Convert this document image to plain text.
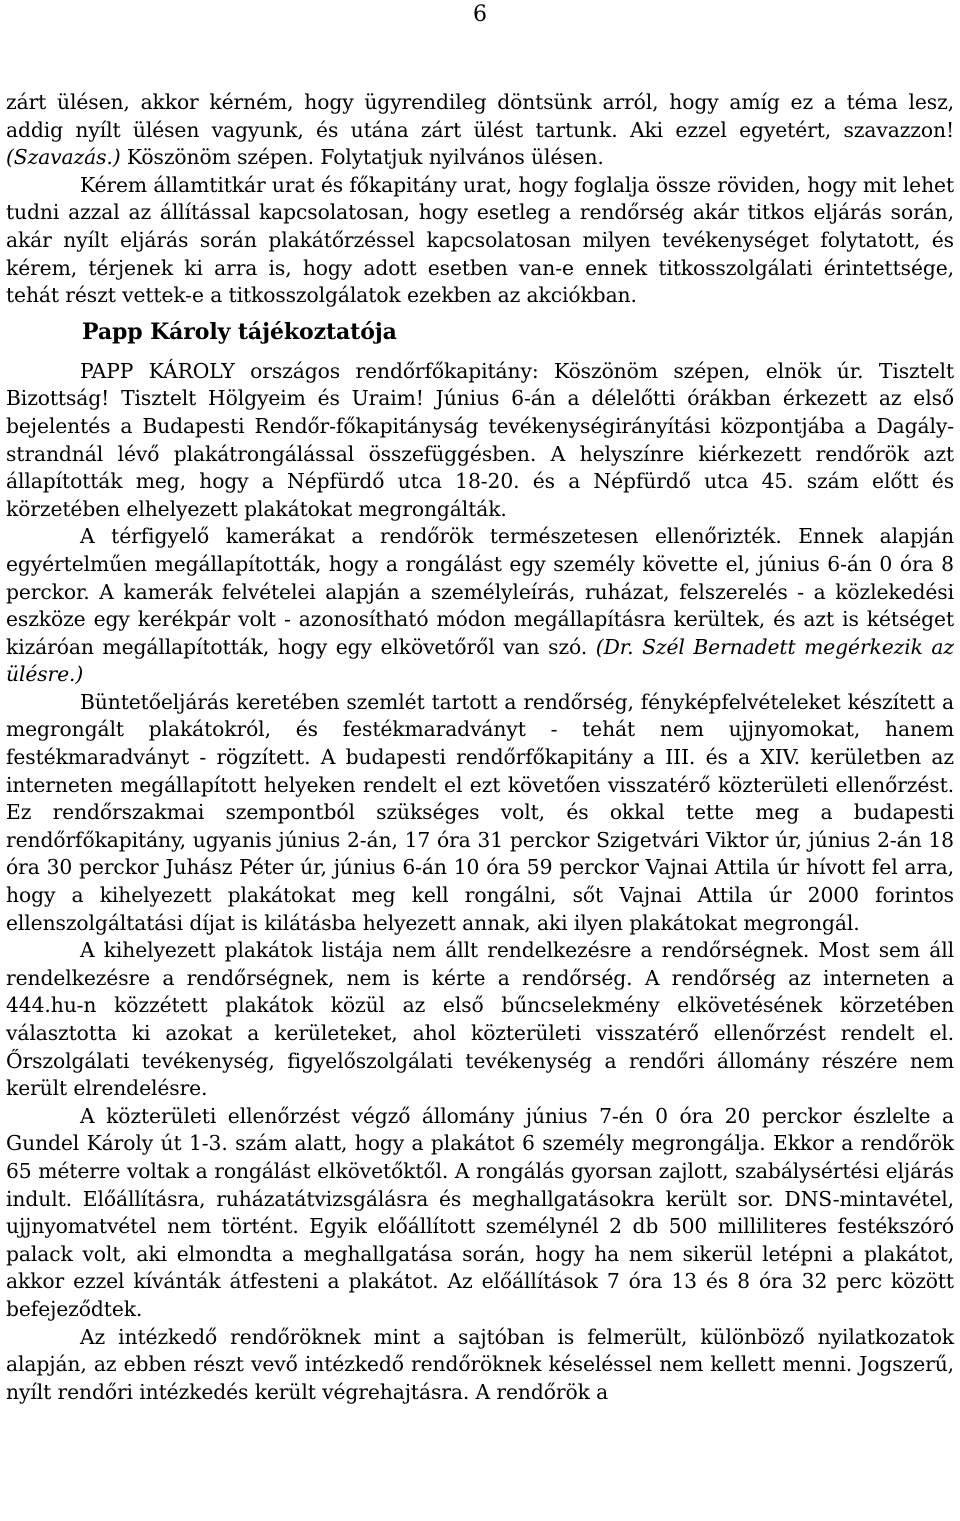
6

zárt ülésen, akkor kérném, hogy ügyrendileg döntsünk arról, hogy amíg ez a téma lesz, addig nyílt ülésen vagyunk, és utána zárt ülést tartunk. Aki ezzel egyetért, szavazzon! (Szavazás.) Köszönöm szépen. Folytatjuk nyilvános ülésen.

Kérem államtitkár urat és főkapitány urat, hogy foglalja össze röviden, hogy mit lehet tudni azzal az állítással kapcsolatosan, hogy esetleg a rendőrség akár titkos eljárás során, akár nyílt eljárás során plakátőrzéssel kapcsolatosan milyen tevékenységet folytatott, és kérem, térjenek ki arra is, hogy adott esetben van-e ennek titkosszolgálati érintettsége, tehát részt vettek-e a titkosszolgálatok ezekben az akciókban.

Papp Károly tájékoztatója

PAPP KÁROLY országos rendőrfőkapitány: Köszönöm szépen, elnök úr. Tisztelt Bizottság! Tisztelt Hölgyeim és Uraim! Június 6-án a délelőtti órákban érkezett az első bejelentés a Budapesti Rendőr-főkapitányság tevékenységirányítási központjába a Dagály-strandnál lévő plakátrongálással összefüggésben. A helyszínre kiérkezett rendőrök azt állapították meg, hogy a Népfürdő utca 18-20. és a Népfürdő utca 45. szám előtt és körzetében elhelyezett plakátokat megrongálták.

A térfigyelő kamerákat a rendőrök természetesen ellenőrizték. Ennek alapján egyértelműen megállapították, hogy a rongálást egy személy követte el, június 6-án 0 óra 8 perckor. A kamerák felvételei alapján a személyleírás, ruházat, felszerelés - a közlekedési eszköze egy kerékpár volt - azonosítható módon megállapításra kerültek, és azt is kétséget kizáróan megállapították, hogy egy elkövetőről van szó. (Dr. Szél Bernadett megérkezik az ülésre.)

Büntetőeljárás keretében szemlét tartott a rendőrség, fényképfelvételeket készített a megrongált plakátokról, és festékmaradványt - tehát nem ujjnyomokat, hanem festékmaradványt - rögzített. A budapesti rendőrfőkapitány a III. és a XIV. kerületben az interneten megállapított helyeken rendelt el ezt követően visszatérő közterületi ellenőrzést. Ez rendőrszakmai szempontból szükséges volt, és okkal tette meg a budapesti rendőrfőkapitány, ugyanis június 2-án, 17 óra 31 perckor Szigetvári Viktor úr, június 2-án 18 óra 30 perckor Juhász Péter úr, június 6-án 10 óra 59 perckor Vajnai Attila úr hívott fel arra, hogy a kihelyezett plakátokat meg kell rongálni, sőt Vajnai Attila úr 2000 forintos ellenszolgáltatási díjat is kilátásba helyezett annak, aki ilyen plakátokat megrongál.

A kihelyezett plakátok listája nem állt rendelkezésre a rendőrségnek. Most sem áll rendelkezésre a rendőrségnek, nem is kérte a rendőrség. A rendőrség az interneten a 444.hu-n közzétett plakátok közül az első bűncselekmény elkövetésének körzetében választotta ki azokat a kerületeket, ahol közterületi visszatérő ellenőrzést rendelt el. Őrszolgálati tevékenység, figyelőszolgálati tevékenység a rendőri állomány részére nem került elrendelésre.

A közterületi ellenőrzést végző állomány június 7-én 0 óra 20 perckor észlelte a Gundel Károly út 1-3. szám alatt, hogy a plakátot 6 személy megrongálja. Ekkor a rendőrök 65 méterre voltak a rongálást elkövetőktől. A rongálás gyorsan zajlott, szabálysértési eljárás indult. Előállításra, ruházatátvizsgálásra és meghallgatásokra került sor. DNS-mintavétel, ujjnyomatvétel nem történt. Egyik előállított személynél 2 db 500 milliliteres festékszóró palack volt, aki elmondta a meghallgatása során, hogy ha nem sikerül letépni a plakátot, akkor ezzel kívánták átfesteni a plakátot. Az előállítások 7 óra 13 és 8 óra 32 perc között befejeződtek.

Az intézkedő rendőröknek mint a sajtóban is felmerült, különböző nyilatkozatok alapján, az ebben részt vevő intézkedő rendőröknek késeléssel nem kellett menni. Jogszerű, nyílt rendőri intézkedés került végrehajtásra. A rendőrök a
